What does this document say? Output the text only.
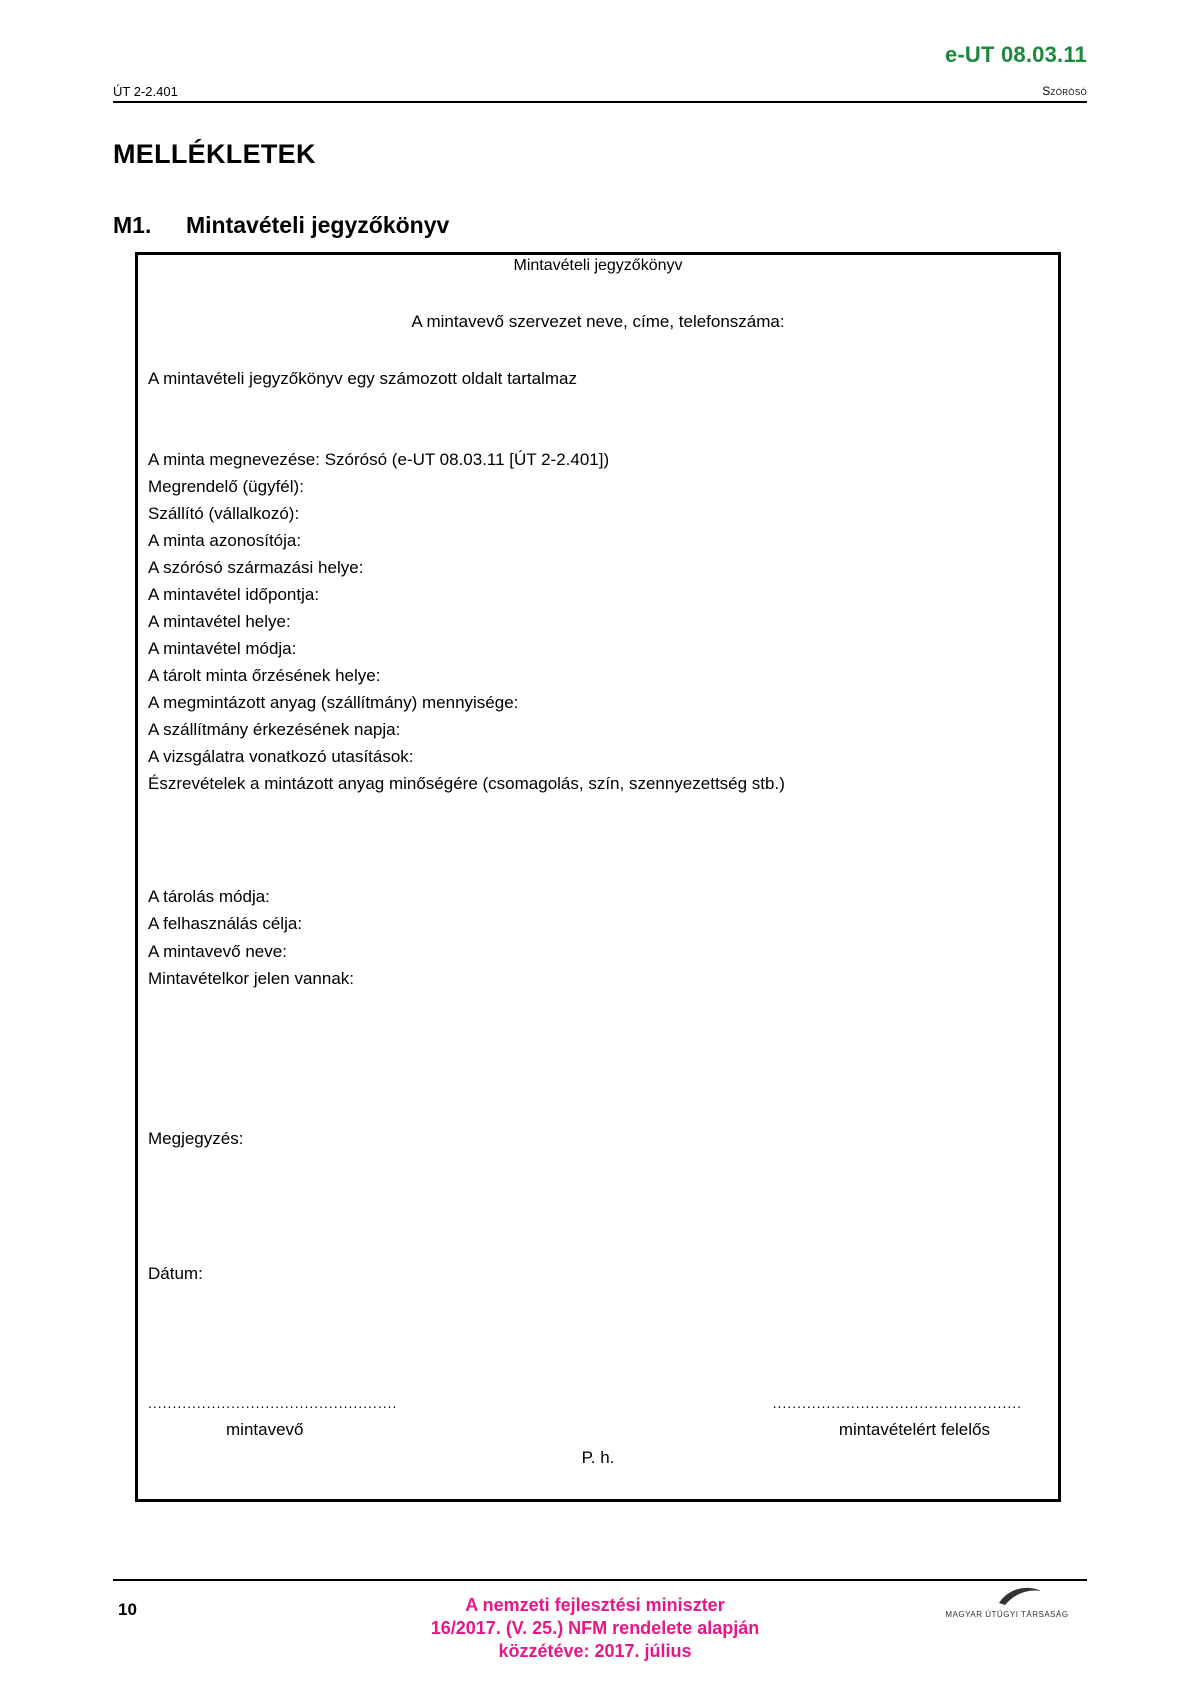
e-UT 08.03.11
ÚT 2-2.401	Szórósó
MELLÉKLETEK
M1. Mintavételi jegyzőkönyv
Mintavételi jegyzőkönyv
A mintavevő szervezet neve, címe, telefonszáma:
A mintavételi jegyzőkönyv egy számozott oldalt tartalmaz
A minta megnevezése: Szórósó (e-UT 08.03.11 [ÚT 2-2.401])
Megrendelő (ügyfél):
Szállító (vállalkozó):
A minta azonosítója:
A szórósó származási helye:
A mintavétel időpontja:
A mintavétel helye:
A mintavétel módja:
A tárolt minta őrzésének helye:
A megmintázott anyag (szállítmány) mennyisége:
A szállítmány érkezésének napja:
A vizsgálatra vonatkozó utasítások:
Észrevételek a mintázott anyag minőségére (csomagolás, szín, szennyezettség stb.)
A tárolás módja:
A felhasználás célja:
A mintavevő neve:
Mintavételkor jelen vannak:
Megjegyzés:
Dátum:
...................................................	...................................................
mintavevő	mintavételért felelős
P. h.
10	A nemzeti fejlesztési miniszter
16/2017. (V. 25.) NFM rendelete alapján
közzétéve: 2017. július
MAGYAR ÚTÜGYI TÁRSASÁG
